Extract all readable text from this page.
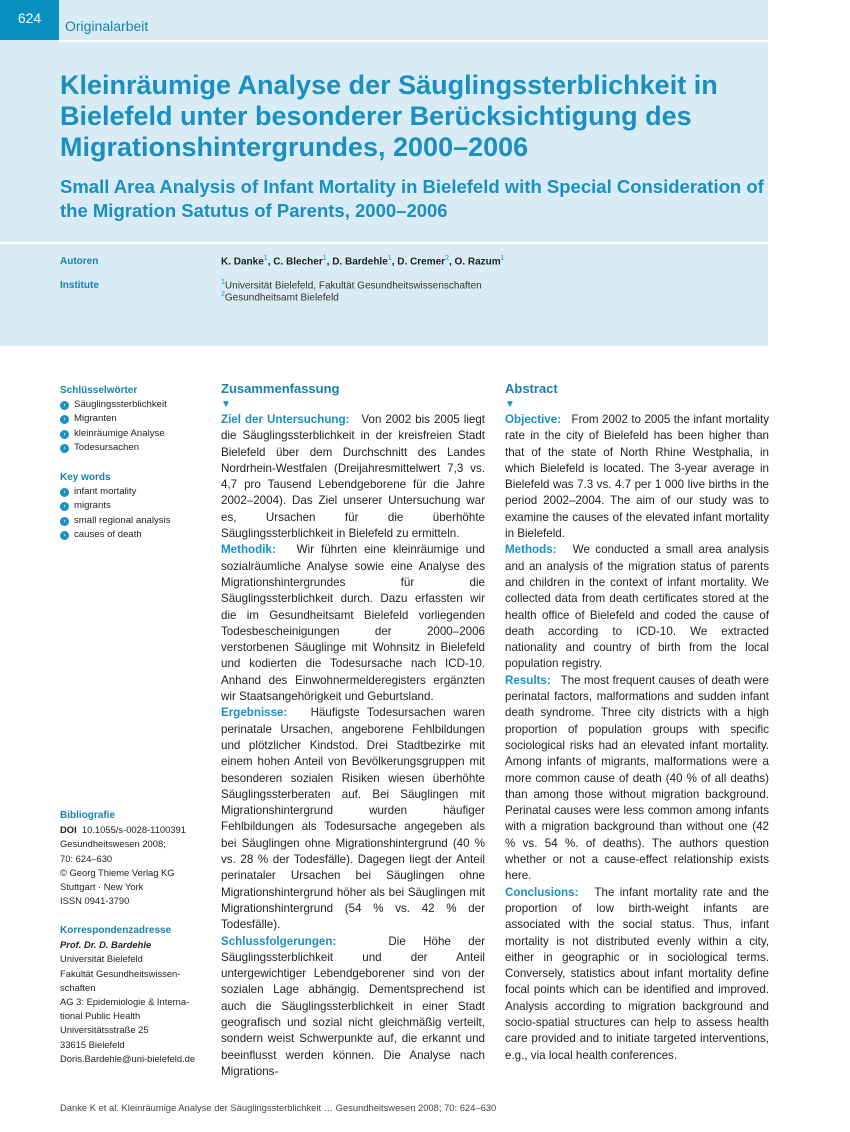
624	Originalarbeit
Kleinräumige Analyse der Säuglingssterblichkeit in Bielefeld unter besonderer Berücksichtigung des Migrationshintergrundes, 2000–2006
Small Area Analysis of Infant Mortality in Bielefeld with Special Consideration of the Migration Satutus of Parents, 2000–2006
Autoren	K. Danke$^1$, C. Blecher$^1$, D. Bardehle$^1$, D. Cremer$^2$, O. Razum$^1$
Institute	$^1$Universität Bielefeld, Fakultät Gesundheitswissenschaften
$^2$Gesundheitsamt Bielefeld
Schlüsselwörter
› Säuglingssterblichkeit
› Migranten
› kleinräumige Analyse
› Todesursachen
Key words
› infant mortality
› migrants
› small regional analysis
› causes of death
Bibliografie
DOI 10.1055/s-0028-1100391
Gesundheitswesen 2008;
70: 624–630
© Georg Thieme Verlag KG
Stuttgart · New York
ISSN 0941-3790
Korrespondenzadresse
Prof. Dr. D. Bardehle
Universität Bielefeld
Fakultät Gesundheitswissen-
schaften
AG 3: Epidemiologie & Interna-
tional Public Health
Universitätsstraße 25
33615 Bielefeld
Doris.Bardehle@uni-bielefeld.de
Zusammenfassung
▼

Ziel der Untersuchung: Von 2002 bis 2005 liegt die Säuglingssterblichkeit in der kreisfreien Stadt Bielefeld über dem Durchschnitt des Landes Nordrhein-Westfalen (Dreijahresmittelwert 7,3 vs. 4,7 pro Tausend Lebendgeborene für die Jahre 2002–2004). Das Ziel unserer Untersuchung war es, Ursachen für die überhöhte Säuglingssterblichkeit in Bielefeld zu ermitteln.

Methodik: Wir führten eine kleinräumige und sozialräumliche Analyse sowie eine Analyse des Migrationshintergrundes für die Säuglingssterblichkeit durch. Dazu erfassten wir die im Gesundheitsamt Bielefeld vorliegenden Todesbescheinigungen der 2000–2006 verstorbenen Säuglinge mit Wohnsitz in Bielefeld und kodierten die Todesursache nach ICD-10. Anhand des Einwohnermelderegisters ergänzten wir Staatsangehörigkeit und Geburtsland.

Ergebnisse: Häufigste Todesursachen waren perinatale Ursachen, angeborene Fehlbildungen und plötzlicher Kindstod. Drei Stadtbezirke mit einem hohen Anteil von Bevölkerungsgruppen mit besonderen sozialen Risiken wiesen überhöhte Säuglingssterberaten auf. Bei Säuglingen mit Migrationshintergrund wurden häufiger Fehlbildungen als Todesursache angegeben als bei Säuglingen ohne Migrationshintergrund (40 % vs. 28 % der Todesfälle). Dagegen liegt der Anteil perinataler Ursachen bei Säuglingen ohne Migrationshintergrund höher als bei Säuglingen mit Migrationshintergrund (54 % vs. 42 % der Todesfälle).

Schlussfolgerungen:	Die Höhe der Säuglingssterblichkeit und der Anteil untergewichtiger Lebendgeborener sind von der sozialen Lage abhängig. Dementsprechend ist auch die Säuglingssterblichkeit in einer Stadt geografisch und sozial nicht gleichmäßig verteilt, sondern weist Schwerpunkte auf, die erkannt und beeinflusst werden können. Die Analyse nach Migrations-

Abstract
▼

Objective: From 2002 to 2005 the infant mortality rate in the city of Bielefeld has been higher than that of the state of North Rhine Westphalia, in which Bielefeld is located. The 3-year average in Bielefeld was 7.3 vs. 4.7 per 1 000 live births in the period 2002–2004. The aim of our study was to examine the causes of the elevated infant mortality in Bielefeld.

Methods: We conducted a small area analysis and an analysis of the migration status of parents and children in the context of infant mortality. We collected data from death certificates stored at the health office of Bielefeld and coded the cause of death according to ICD-10. We extracted nationality and country of birth from the local population registry.

Results: The most frequent causes of death were perinatal factors, malformations and sudden infant death syndrome. Three city districts with a high proportion of population groups with specific sociological risks had an elevated infant mortality. Among infants of migrants, malformations were a more common cause of death (40 % of all deaths) than among those without migration background. Perinatal causes were less common among infants with a migration background than without one (42 % vs. 54 %. of deaths). The authors question whether or not a cause-effect relationship exists here.

Conclusions: The infant mortality rate and the proportion of low birth-weight infants are associated with the social status. Thus, infant mortality is not distributed evenly within a city, either in geographic or in sociological terms. Conversely, statistics about infant mortality define focal points which can be identified and improved. Analysis according to migration background and socio-spatial structures can help to assess health care provided and to initiate targeted interventions, e.g., via local health conferences.

Danke K et al. Kleinräumige Analyse der Säuglingssterblichkeit … Gesundheitswesen 2008; 70: 624–630
